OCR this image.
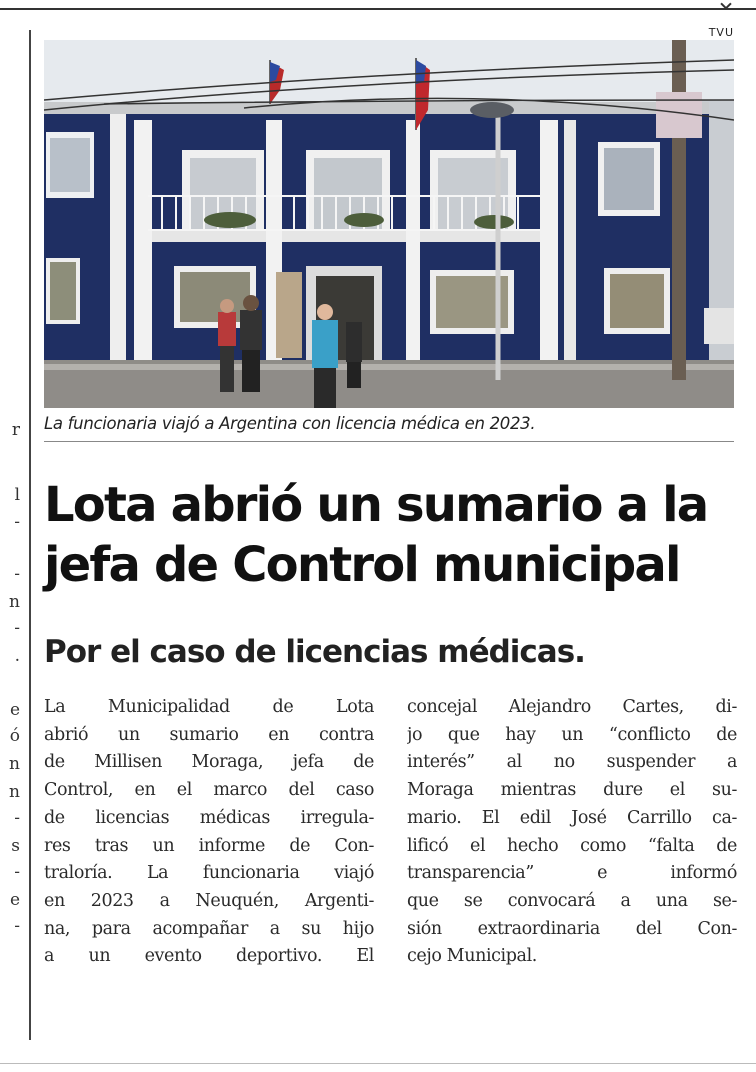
r
l
-
-
n
-
.
e
ó
n
n
-
s
-
e
-
TVU
La funcionaria viajó a Argentina con licencia médica en 2023.
Lota abrió un sumario a la
jefa de Control municipal
Por el caso de licencias médicas.
La Municipalidad de Lota
abrió un sumario en contra
de Millisen Moraga, jefa de
Control, en el marco del caso
de licencias médicas irregula-
res tras un informe de Con-
traloría. La funcionaria viajó
en 2023 a Neuquén, Argenti-
na, para acompañar a su hijo
a un evento deportivo. El
concejal Alejandro Cartes, di-
jo que hay un “conflicto de
interés” al no suspender a
Moraga mientras dure el su-
mario. El edil José Carrillo ca-
lificó el hecho como “falta de
transparencia” e informó
que se convocará a una se-
sión extraordinaria del Con-
cejo Municipal.
